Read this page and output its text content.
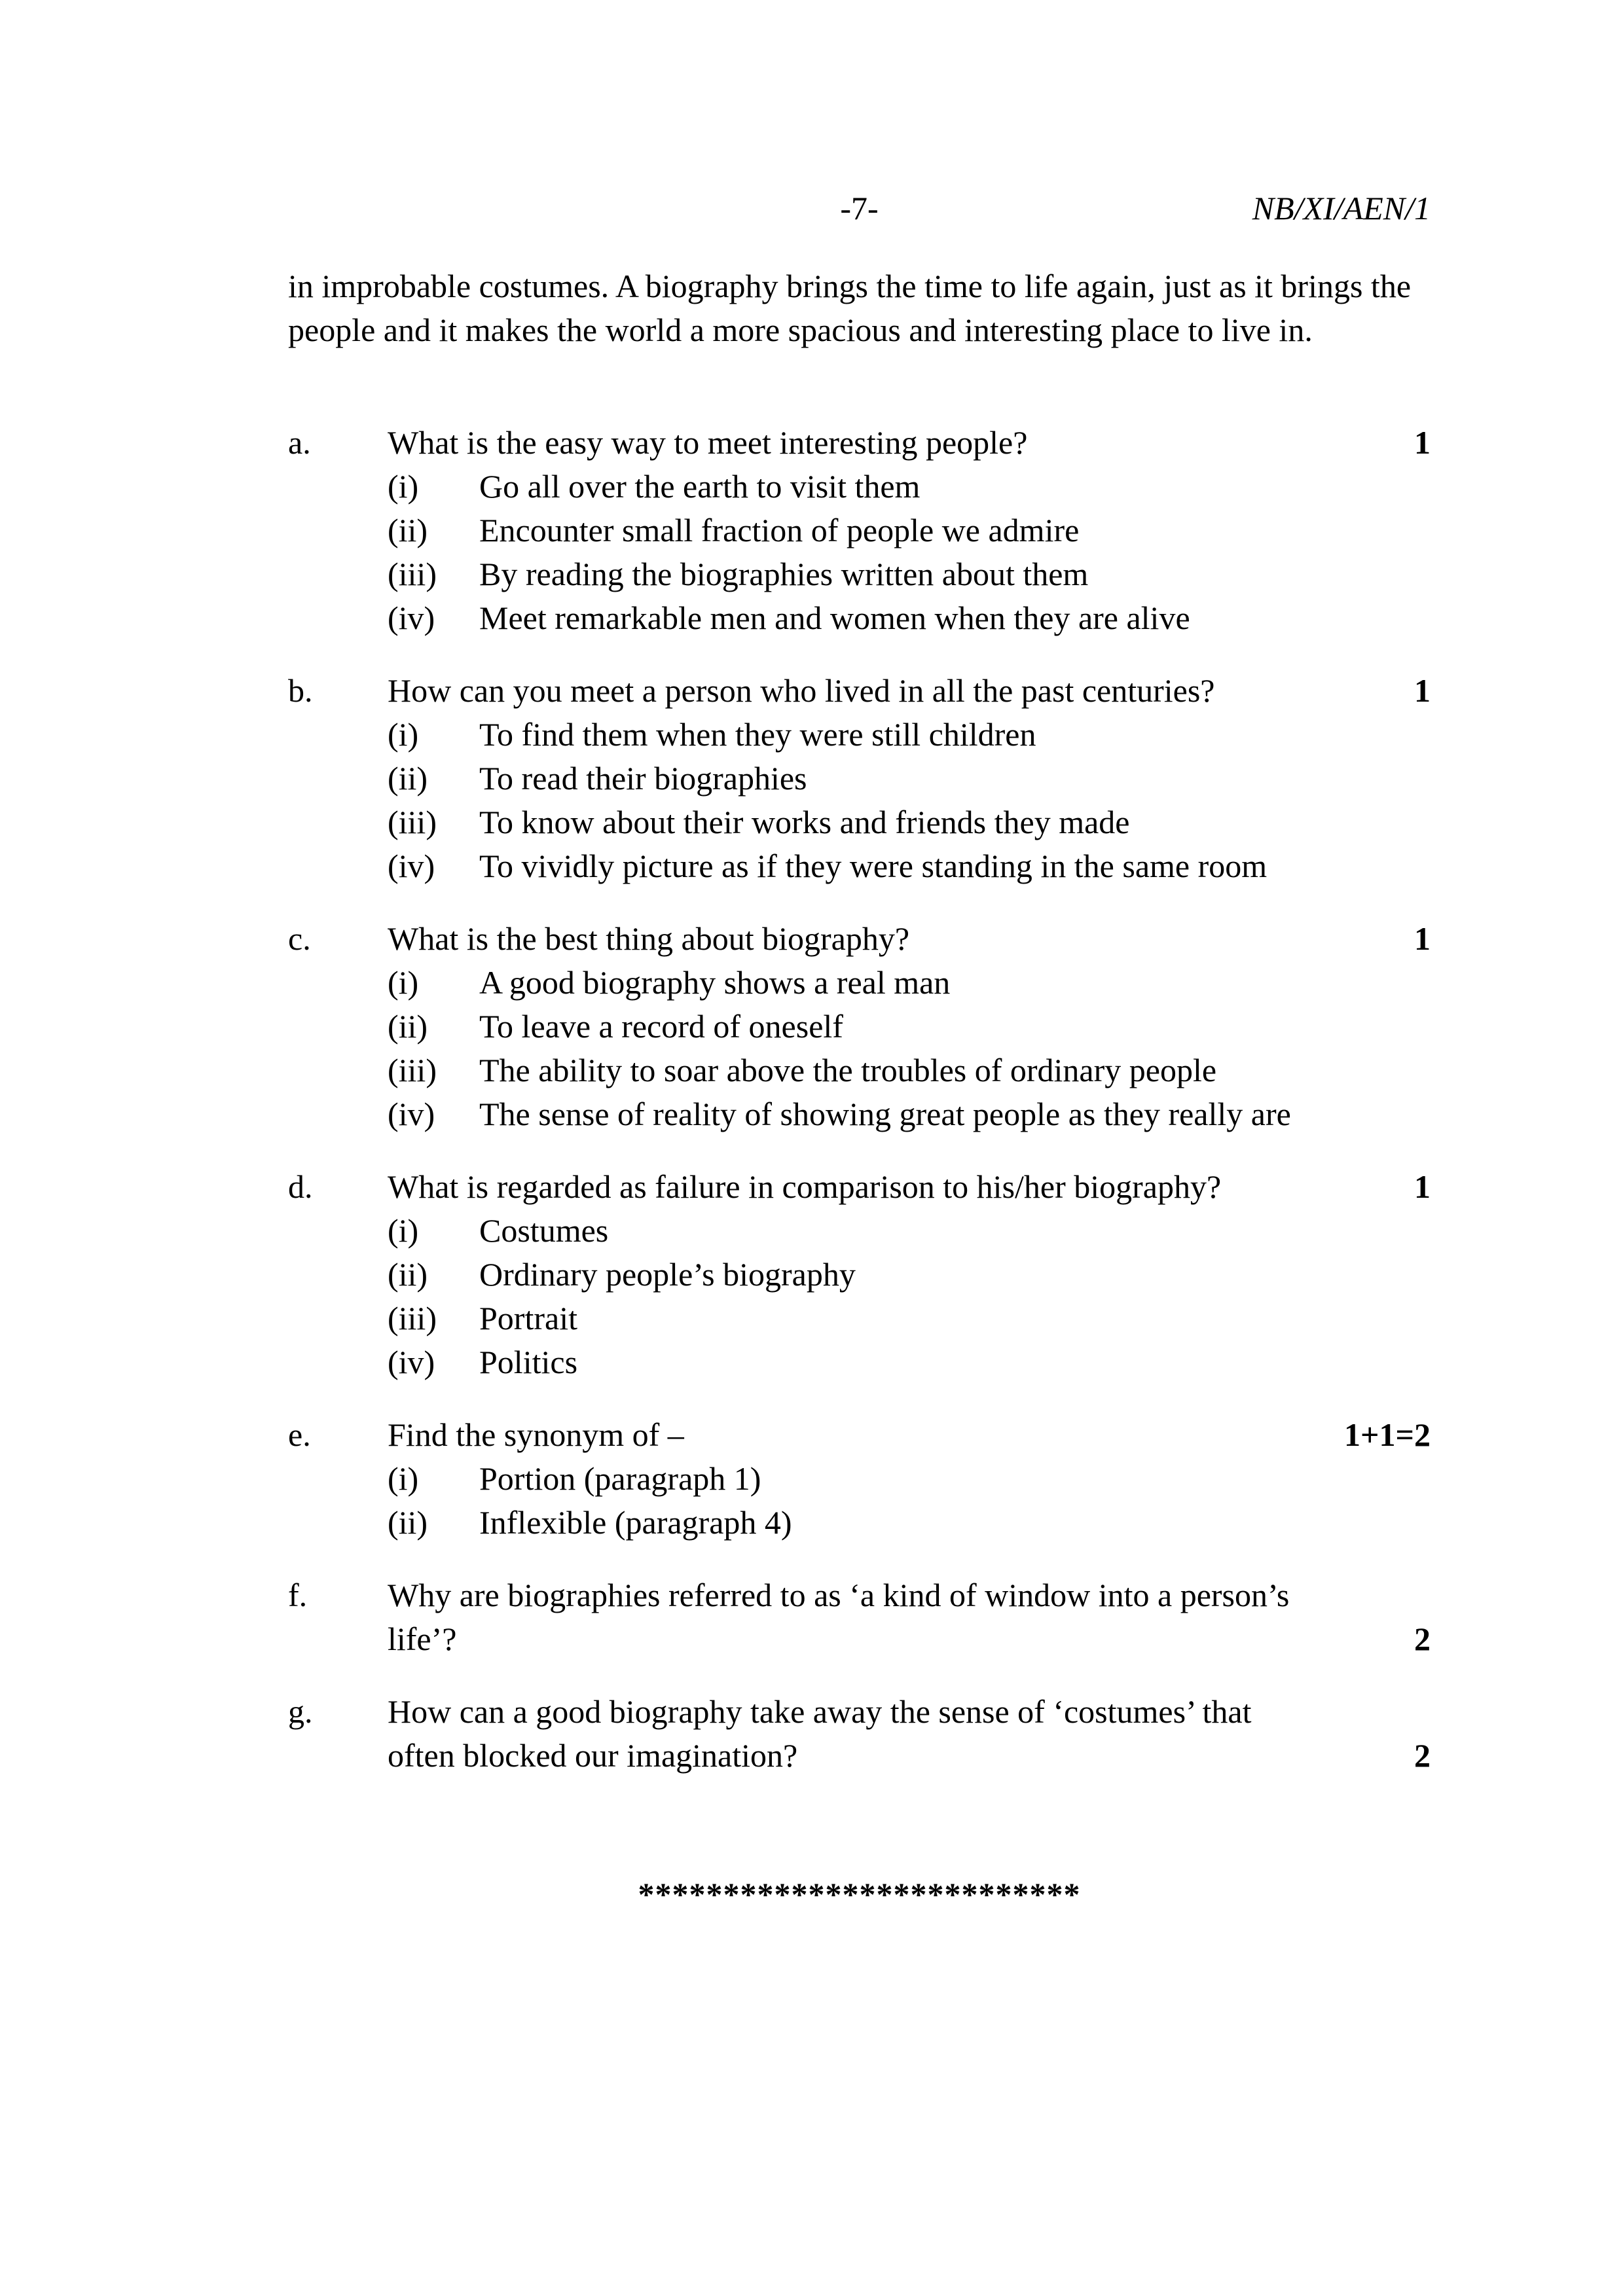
-7-	NB/XI/AEN/1

in improbable costumes. A biography brings the time to life again, just as it brings the people and it makes the world a more spacious and interesting place to live in.

a.	What is the easy way to meet interesting people?
(i)	Go all over the earth to visit them
(ii)	Encounter small fraction of people we admire
(iii)	By reading the biographies written about them
(iv)	Meet remarkable men and women when they are alive
1
b.	How can you meet a person who lived in all the past centuries?
(i)	To find them when they were still children
(ii)	To read their biographies
(iii)	To know about their works and friends they made
(iv)	To vividly picture as if they were standing in the same room
1
c.	What is the best thing about biography?
(i)	A good biography shows a real man
(ii)	To leave a record of oneself
(iii)	The ability to soar above the troubles of ordinary people
(iv)	The sense of reality of showing great people as they really are
1
d.	What is regarded as failure in comparison to his/her biography?
(i)	Costumes
(ii)	Ordinary people’s biography
(iii)	Portrait
(iv)	Politics
1
e.	Find the synonym of –
(i)	Portion (paragraph 1)
(ii)	Inflexible (paragraph 4)
1+1=2
f.	Why are biographies referred to as ‘a kind of window into a person’s life’?	2
g.	How can a good biography take away the sense of ‘costumes’ that often blocked our imagination?	2
**************************
